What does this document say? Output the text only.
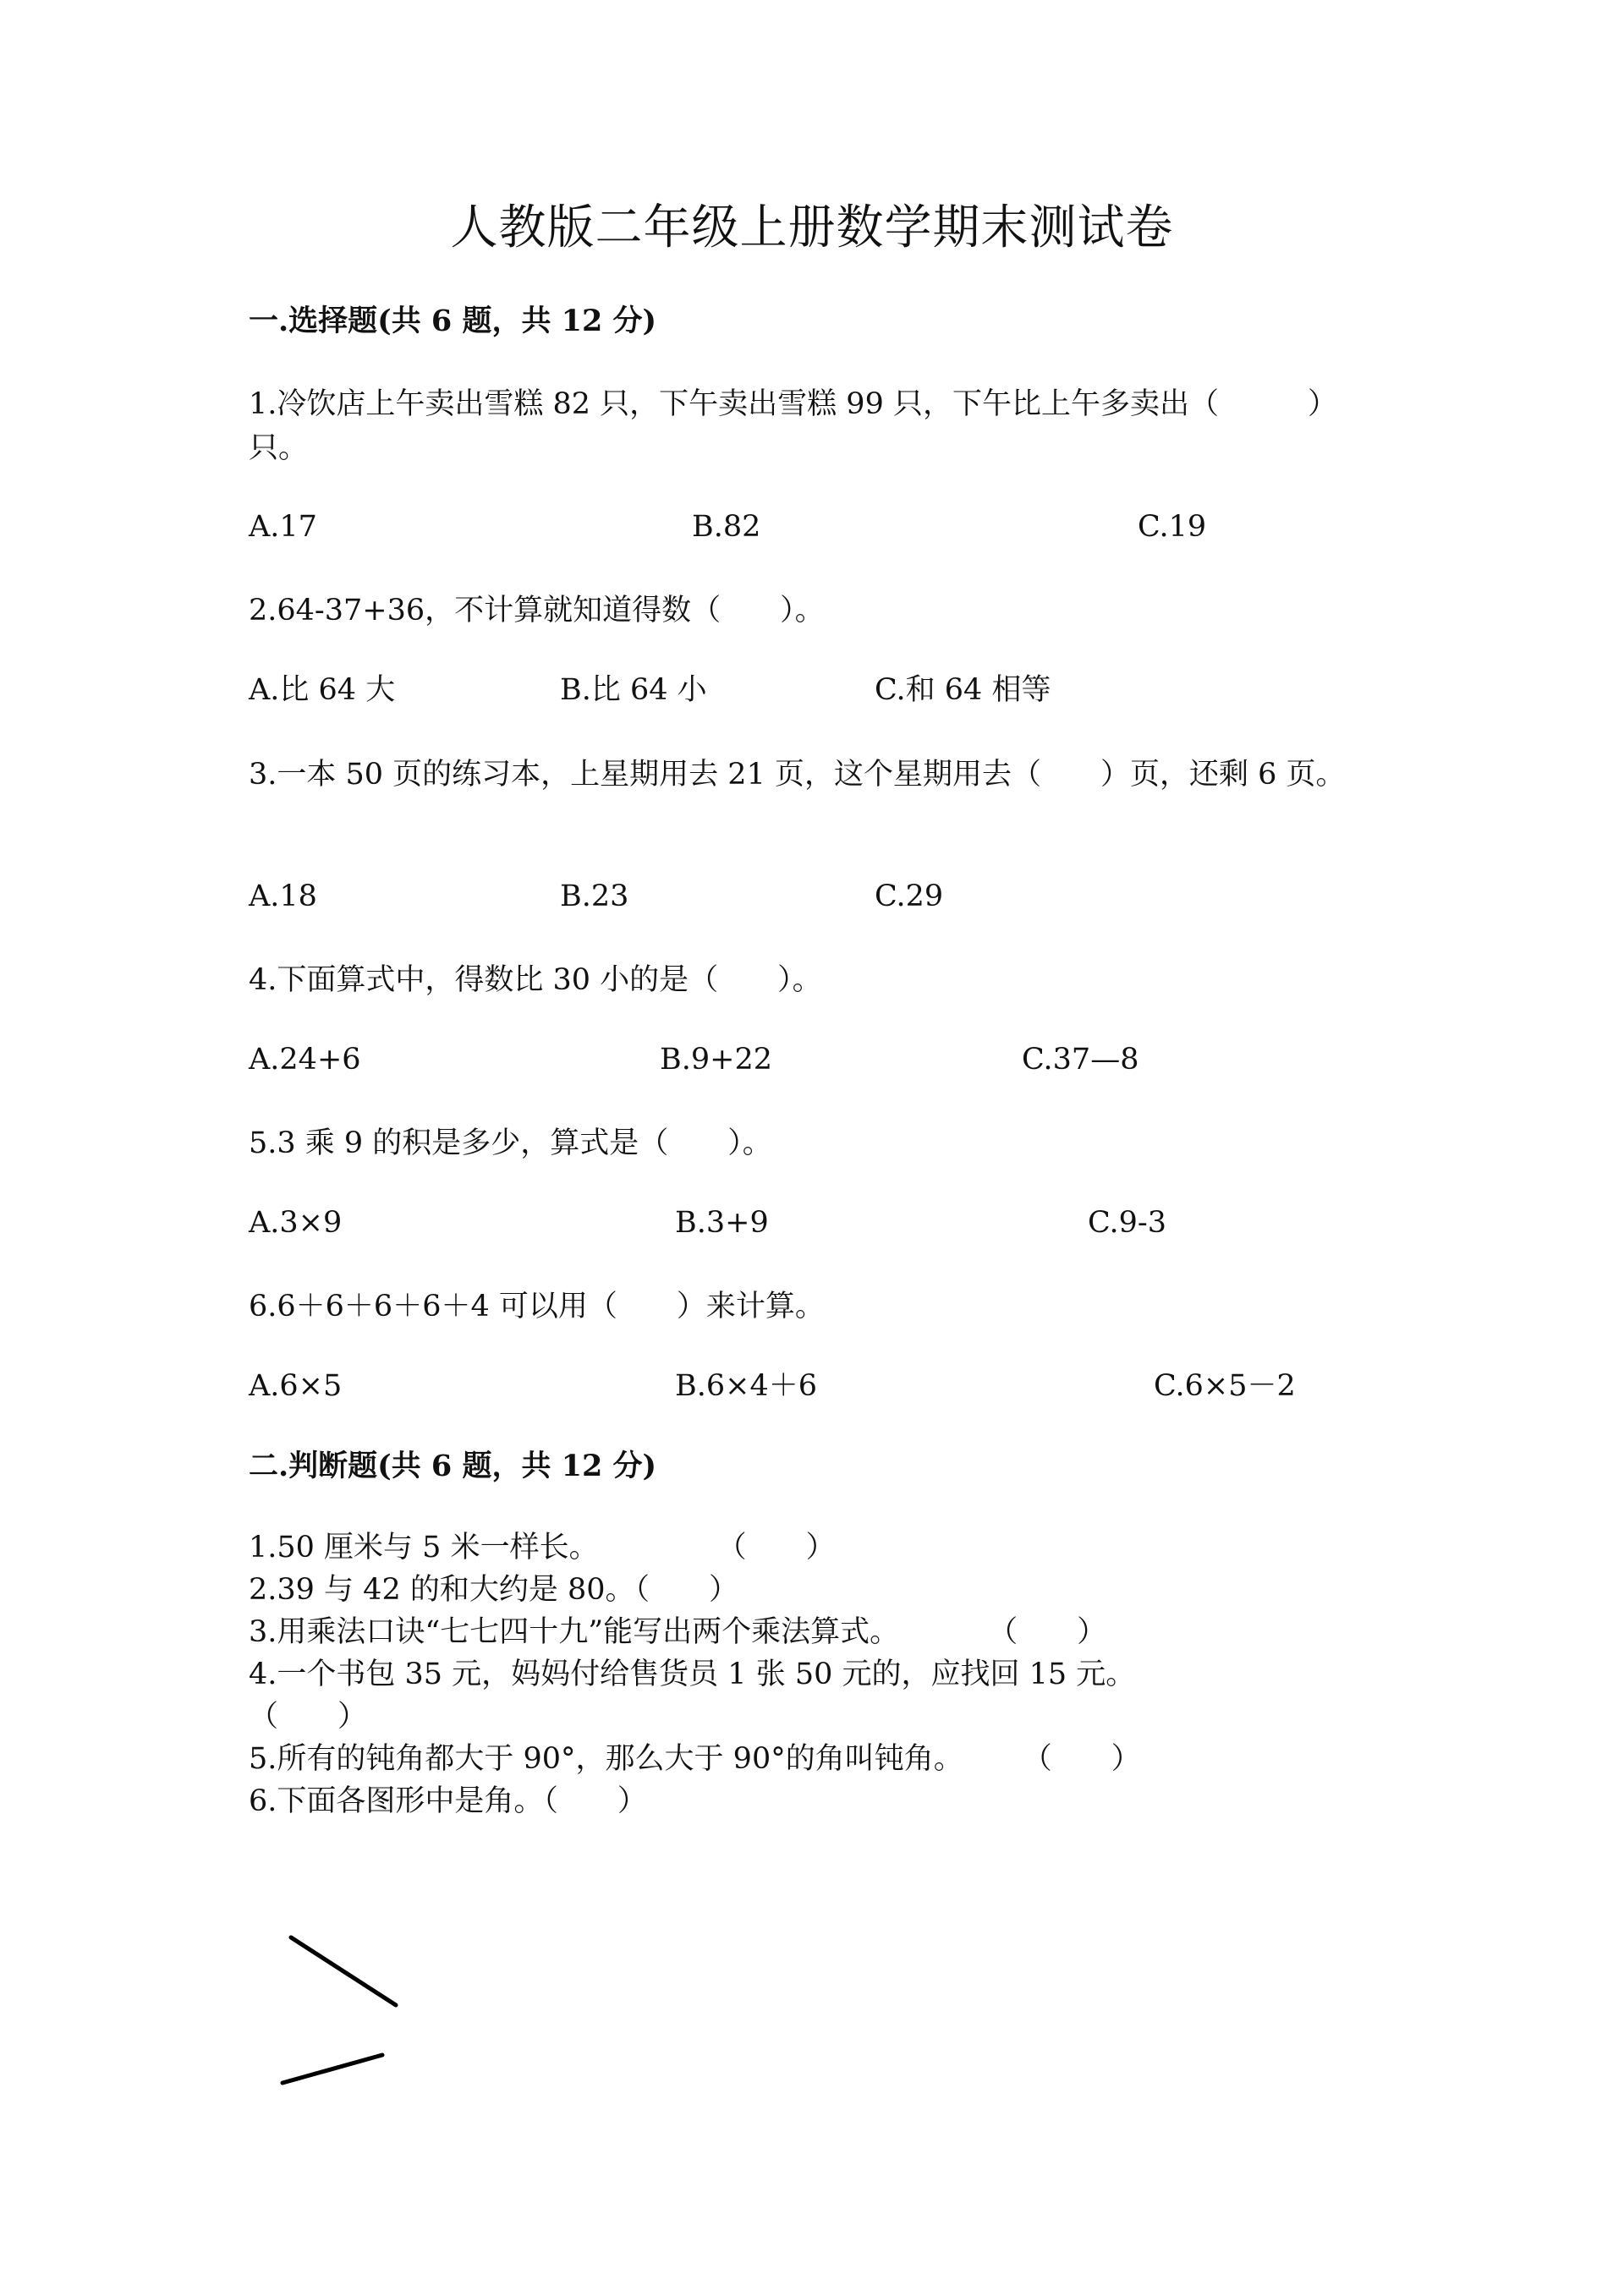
人教版二年级上册数学期末测试卷
一.选择题(共 6 题，共 12 分)

1.冷饮店上午卖出雪糕 82 只，下午卖出雪糕 99 只，下午比上午多卖出（　　　）只。

A.17	B.82	C.19

2.64-37+36，不计算就知道得数（　　）。

A.比 64 大	B.比 64 小	C.和 64 相等

3.一本 50 页的练习本，上星期用去 21 页，这个星期用去（　　）页，还剩 6 页。

A.18	B.23	C.29

4.下面算式中，得数比 30 小的是（　　）。

A.24+6	B.9+22	C.37—8

5.3 乘 9 的积是多少，算式是（　　）。

A.3×9	B.3+9	C.9-3

6.6＋6＋6＋6＋4 可以用（　　）来计算。

A.6×5	B.6×4＋6	C.6×5－2
二.判断题(共 6 题，共 12 分)

1.50 厘米与 5 米一样长。　　　　　（　　）

2.39 与 42 的和大约是 80。（　　）

3.用乘法口诀“七七四十九”能写出两个乘法算式。　　　　（　　）

4.一个书包 35 元，妈妈付给售货员 1 张 50 元的，应找回 15 元。

（　　）

5.所有的钝角都大于 90°，那么大于 90°的角叫钝角。　　　（　　）

6.下面各图形中是角。（　　）
